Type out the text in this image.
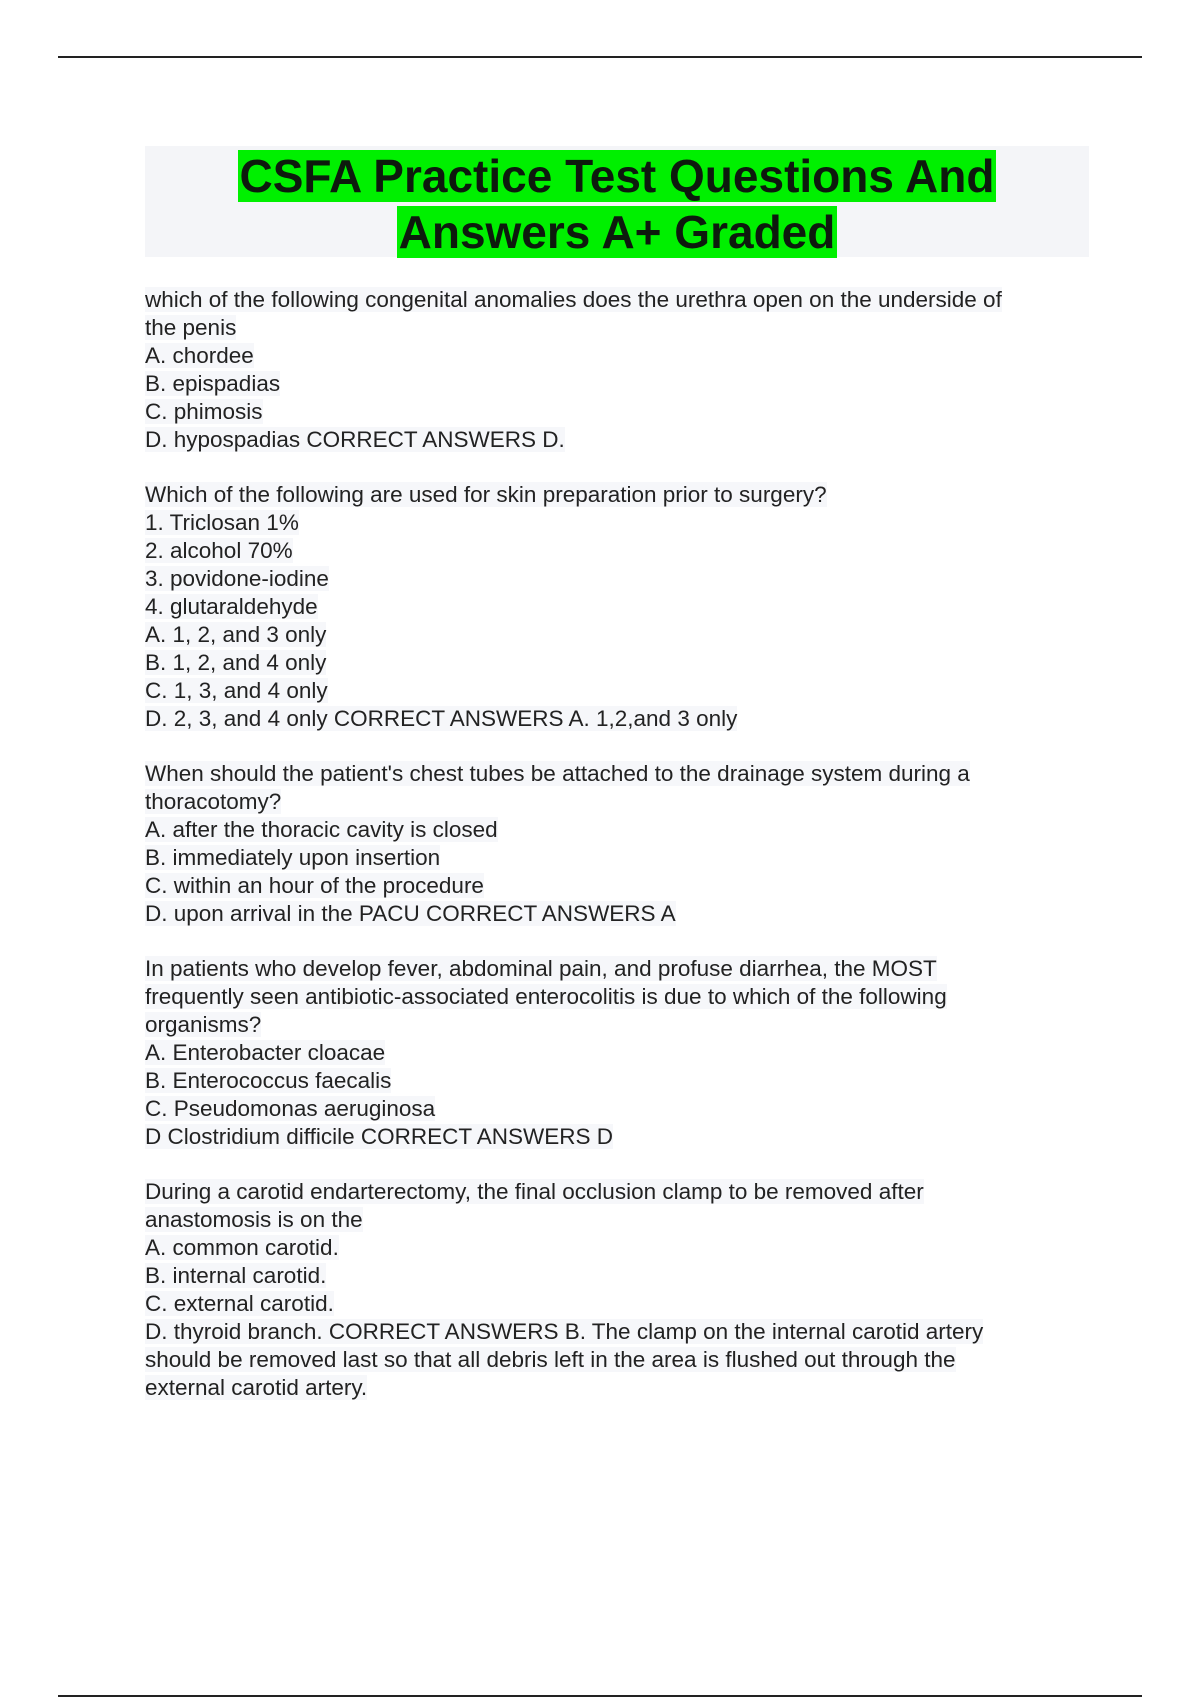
CSFA Practice Test Questions And
Answers A+ Graded
which of the following congenital anomalies does the urethra open on the underside of
the penis
A. chordee
B. epispadias
C. phimosis
D. hypospadias CORRECT ANSWERS D.
Which of the following are used for skin preparation prior to surgery?
1. Triclosan 1%
2. alcohol 70%
3. povidone-iodine
4. glutaraldehyde
A. 1, 2, and 3 only
B. 1, 2, and 4 only
C. 1, 3, and 4 only
D. 2, 3, and 4 only CORRECT ANSWERS A. 1,2,and 3 only
When should the patient's chest tubes be attached to the drainage system during a
thoracotomy?
A. after the thoracic cavity is closed
B. immediately upon insertion
C. within an hour of the procedure
D. upon arrival in the PACU CORRECT ANSWERS A
In patients who develop fever, abdominal pain, and profuse diarrhea, the MOST
frequently seen antibiotic-associated enterocolitis is due to which of the following
organisms?
A. Enterobacter cloacae
B. Enterococcus faecalis
C. Pseudomonas aeruginosa
D Clostridium difficile CORRECT ANSWERS D
During a carotid endarterectomy, the final occlusion clamp to be removed after
anastomosis is on the
A. common carotid.
B. internal carotid.
C. external carotid.
D. thyroid branch. CORRECT ANSWERS B. The clamp on the internal carotid artery
should be removed last so that all debris left in the area is flushed out through the
external carotid artery.
